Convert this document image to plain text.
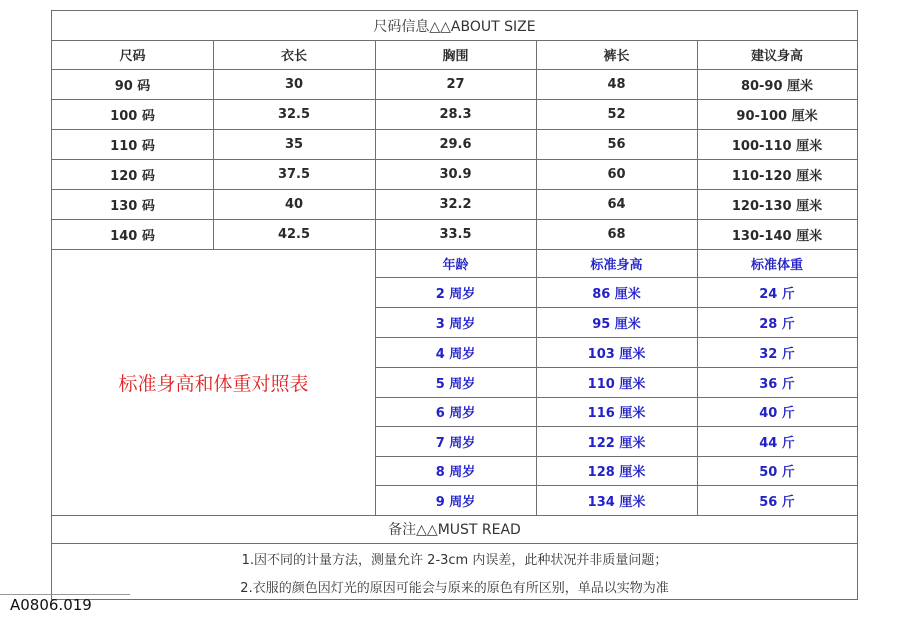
尺码信息△△ABOUT SIZE
尺码	衣长	胸围	裤长	建议身高
90 码	30	27	48	80-90 厘米
100 码	32.5	28.3	52	90-100 厘米
110 码	35	29.6	56	100-110 厘米
120 码	37.5	30.9	60	110-120 厘米
130 码	40	32.2	64	120-130 厘米
140 码	42.5	33.5	68	130-140 厘米
标准身高和体重对照表
年龄	标准身高	标准体重
2 周岁	86 厘米	24 斤
3 周岁	95 厘米	28 斤
4 周岁	103 厘米	32 斤
5 周岁	110 厘米	36 斤
6 周岁	116 厘米	40 斤
7 周岁	122 厘米	44 斤
8 周岁	128 厘米	50 斤
9 周岁	134 厘米	56 斤
备注△△MUST READ
1.因不同的计量方法，测量允许 2-3cm 内误差，此种状况并非质量问题；
2.衣服的颜色因灯光的原因可能会与原来的原色有所区别，单品以实物为准
A0806.019
